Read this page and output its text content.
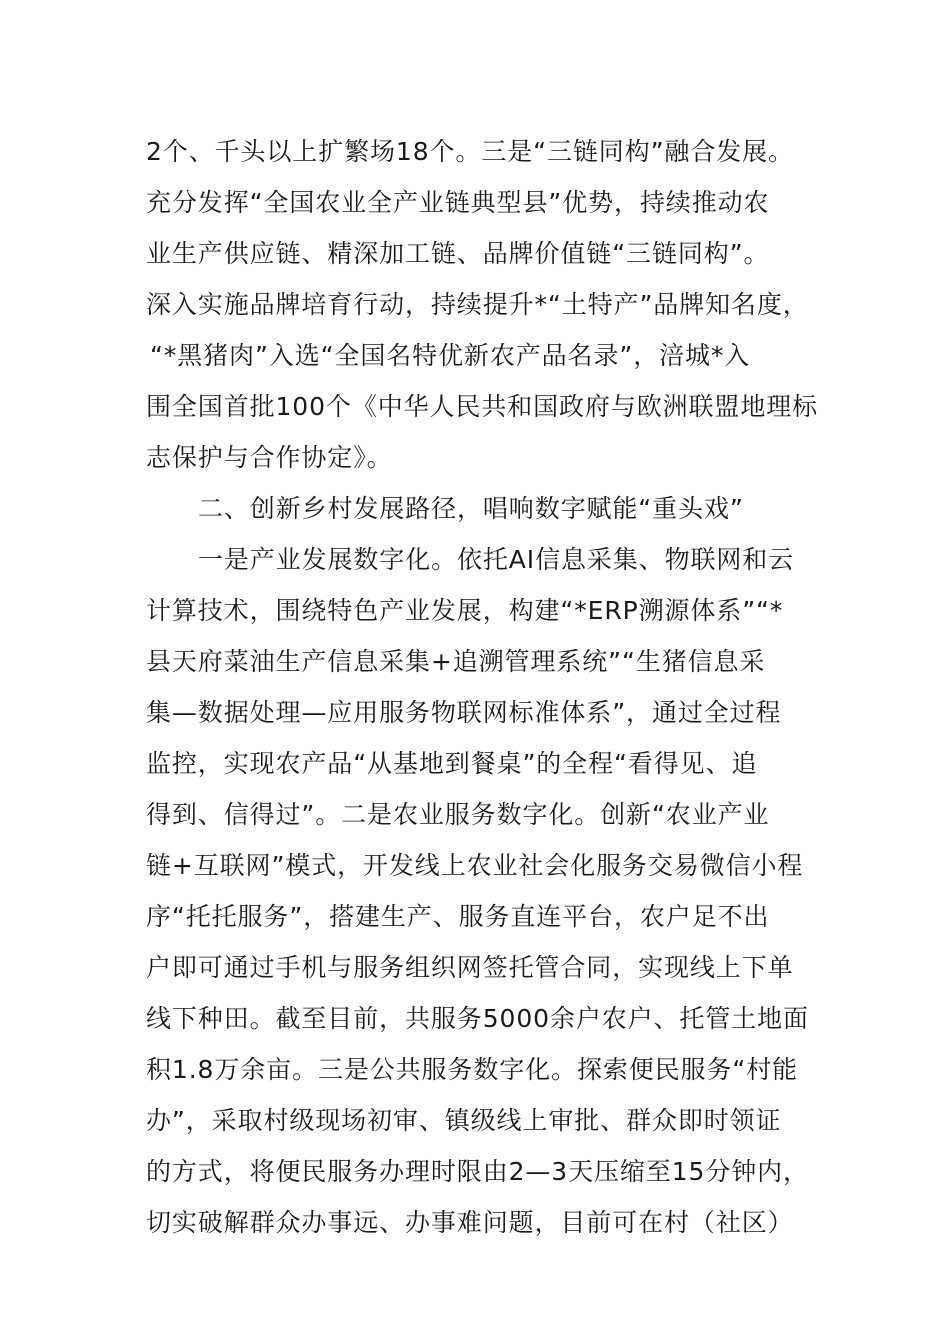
2个、千头以上扩繁场18个。三是“三链同构”融合发展。
充分发挥“全国农业全产业链典型县”优势，持续推动农
业生产供应链、精深加工链、品牌价值链“三链同构”。
深入实施品牌培育行动，持续提升*“土特产”品牌知名度，
“*黑猪肉”入选“全国名特优新农产品名录”，涪城*入
围全国首批100个《中华人民共和国政府与欧洲联盟地理标
志保护与合作协定》。
二、创新乡村发展路径，唱响数字赋能“重头戏”
一是产业发展数字化。依托AI信息采集、物联网和云
计算技术，围绕特色产业发展，构建“*ERP溯源体系”“*
县天府菜油生产信息采集+追溯管理系统”“生猪信息采
集—数据处理—应用服务物联网标准体系”，通过全过程
监控，实现农产品“从基地到餐桌”的全程“看得见、追
得到、信得过”。二是农业服务数字化。创新“农业产业
链+互联网”模式，开发线上农业社会化服务交易微信小程
序“托托服务”，搭建生产、服务直连平台，农户足不出
户即可通过手机与服务组织网签托管合同，实现线上下单
线下种田。截至目前，共服务5000余户农户、托管土地面
积1.8万余亩。三是公共服务数字化。探索便民服务“村能
办”，采取村级现场初审、镇级线上审批、群众即时领证
的方式，将便民服务办理时限由2—3天压缩至15分钟内，
切实破解群众办事远、办事难问题，目前可在村（社区）
